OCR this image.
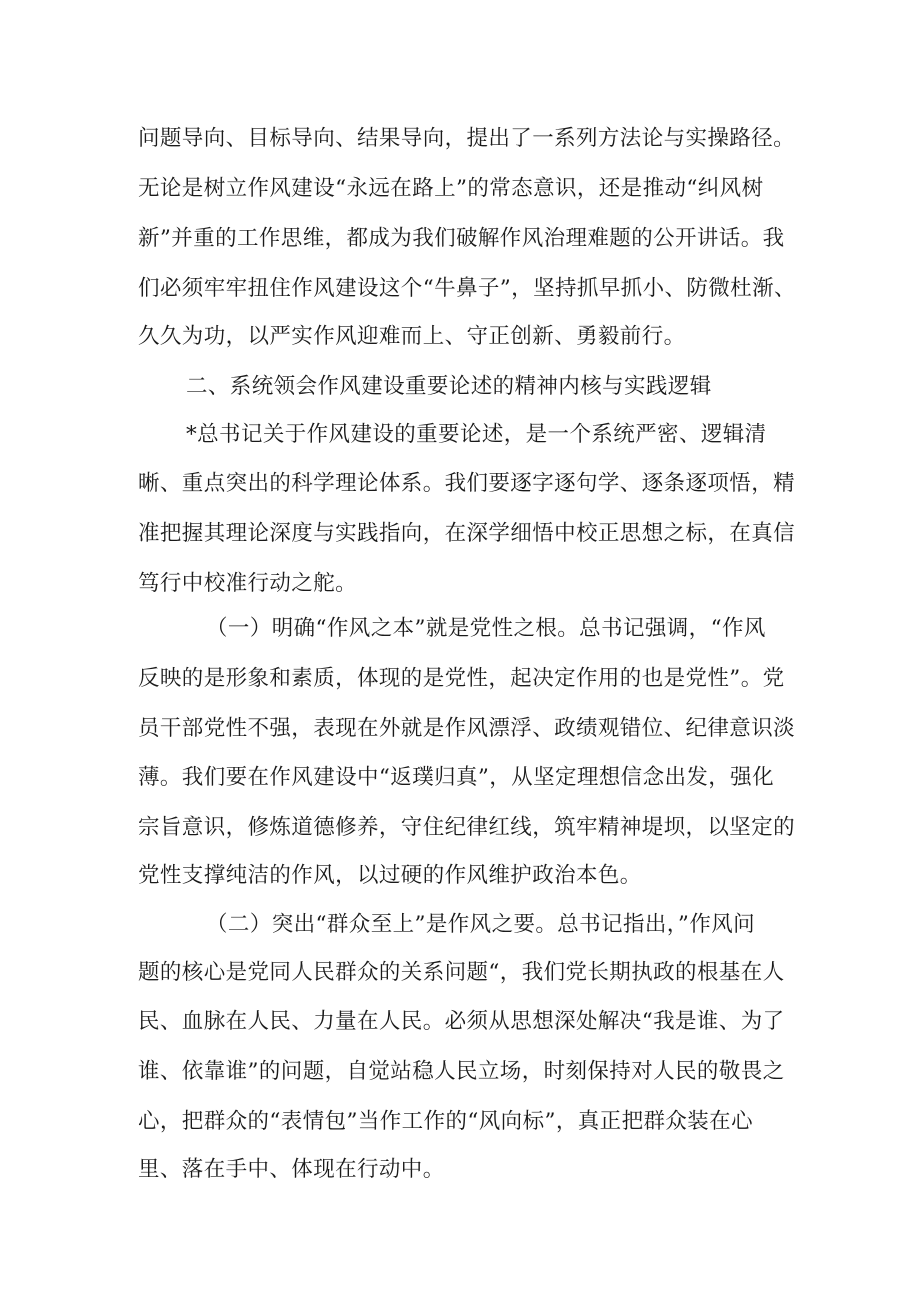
问题导向、目标导向、结果导向，提出了一系列方法论与实操路径。
无论是树立作风建设“永远在路上”的常态意识，还是推动“纠风树
新”并重的工作思维，都成为我们破解作风治理难题的公开讲话。我
们必须牢牢扭住作风建设这个“牛鼻子”，坚持抓早抓小、防微杜渐、
久久为功，以严实作风迎难而上、守正创新、勇毅前行。
二、系统领会作风建设重要论述的精神内核与实践逻辑
*总书记关于作风建设的重要论述，是一个系统严密、逻辑清
晰、重点突出的科学理论体系。我们要逐字逐句学、逐条逐项悟，精
准把握其理论深度与实践指向，在深学细悟中校正思想之标，在真信
笃行中校准行动之舵。
（一）明确“作风之本”就是党性之根。总书记强调，“作风
反映的是形象和素质，体现的是党性，起决定作用的也是党性”。党
员干部党性不强，表现在外就是作风漂浮、政绩观错位、纪律意识淡
薄。我们要在作风建设中“返璞归真”，从坚定理想信念出发，强化
宗旨意识，修炼道德修养，守住纪律红线，筑牢精神堤坝，以坚定的
党性支撑纯洁的作风，以过硬的作风维护政治本色。
（二）突出“群众至上”是作风之要。总书记指出，”作风问
题的核心是党同人民群众的关系问题“，我们党长期执政的根基在人
民、血脉在人民、力量在人民。必须从思想深处解决“我是谁、为了
谁、依靠谁”的问题，自觉站稳人民立场，时刻保持对人民的敬畏之
心，把群众的“表情包”当作工作的“风向标”，真正把群众装在心
里、落在手中、体现在行动中。
